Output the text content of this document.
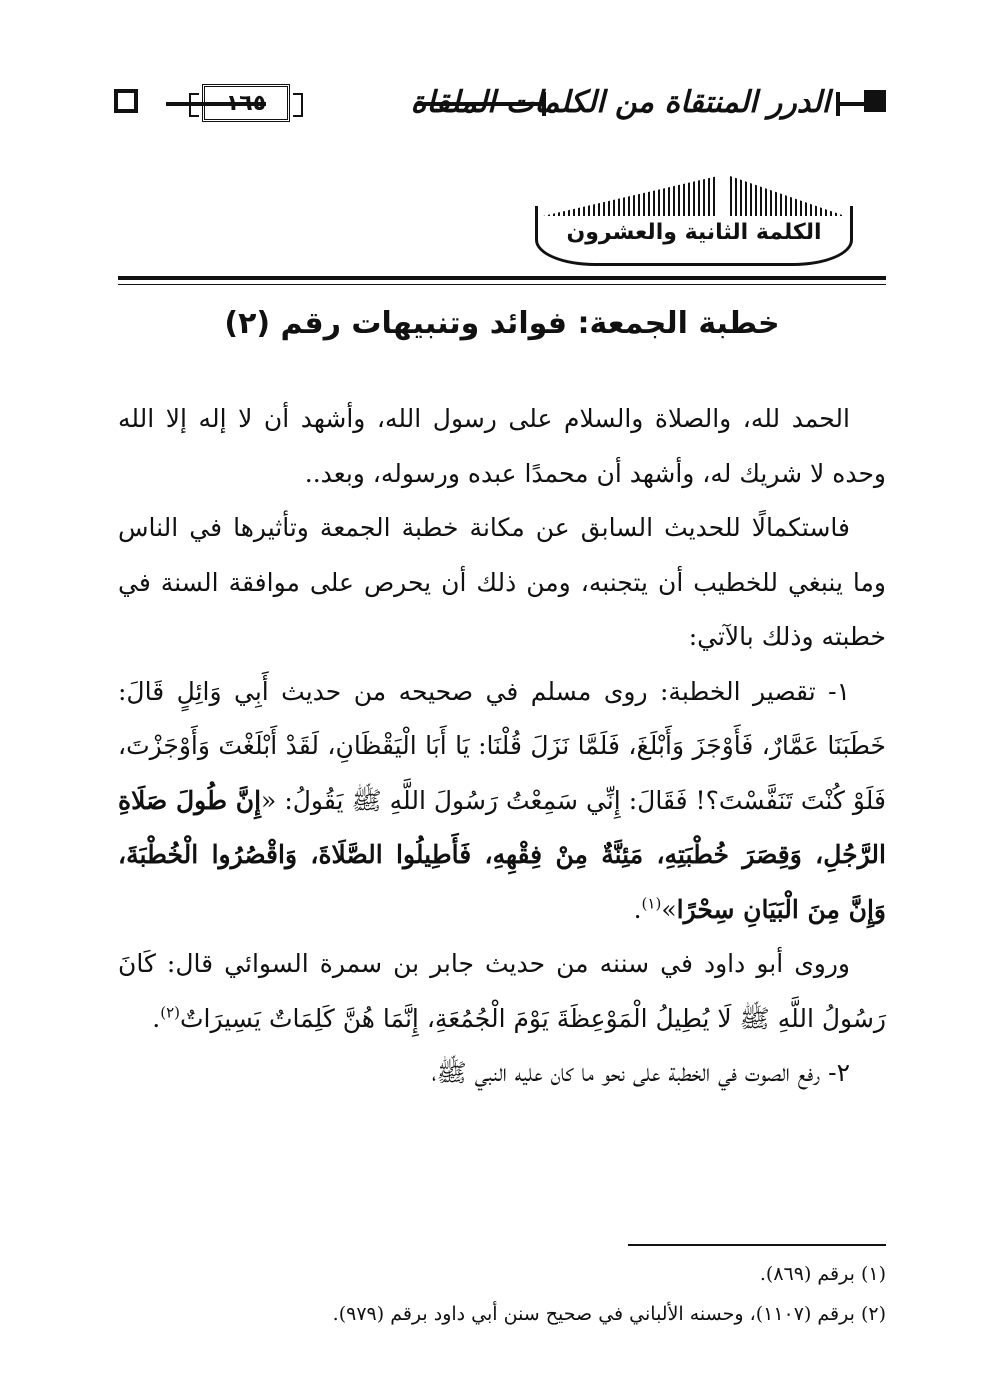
١٦٥	الدرر المنتقاة من الكلمات الملقاة
الكلمة الثانية والعشرون
خطبة الجمعة: فوائد وتنبيهات رقم (٢)

الحمد لله، والصلاة والسلام على رسول الله، وأشهد أن لا إله إلا الله وحده لا شريك له، وأشهد أن محمدًا عبده ورسوله، وبعد..

فاستكمالًا للحديث السابق عن مكانة خطبة الجمعة وتأثيرها في الناس وما ينبغي للخطيب أن يتجنبه، ومن ذلك أن يحرص على موافقة السنة في خطبته وذلك بالآتي:

١- تقصير الخطبة: روى مسلم في صحيحه من حديث أَبِي وَائِلٍ قَالَ: خَطَبَنَا عَمَّارٌ، فَأَوْجَزَ وَأَبْلَغَ، فَلَمَّا نَزَلَ قُلْنَا: يَا أَبَا الْيَقْظَانِ، لَقَدْ أَبْلَغْتَ وَأَوْجَزْتَ، فَلَوْ كُنْتَ تَنَفَّسْتَ؟! فَقَالَ: إِنِّي سَمِعْتُ رَسُولَ اللَّهِ ﷺ يَقُولُ: «إِنَّ طُولَ صَلَاةِ الرَّجُلِ، وَقِصَرَ خُطْبَتِهِ، مَئِنَّةٌ مِنْ فِقْهِهِ، فَأَطِيلُوا الصَّلَاةَ، وَاقْصُرُوا الْخُطْبَةَ، وَإِنَّ مِنَ الْبَيَانِ سِحْرًا»$^{(١)}$.

وروى أبو داود في سننه من حديث جابر بن سمرة السوائي قال: كَانَ رَسُولُ اللَّهِ ﷺ لَا يُطِيلُ الْمَوْعِظَةَ يَوْمَ الْجُمُعَةِ، إِنَّمَا هُنَّ كَلِمَاتٌ يَسِيرَاتٌ$^{(٢)}$.

٢- رفع الصوت في الخطبة على نحو ما كان عليه النبي ﷺ،

(١) برقم (٨٦٩).
(٢) برقم (١١٠٧)، وحسنه الألباني في صحيح سنن أبي داود برقم (٩٧٩).
